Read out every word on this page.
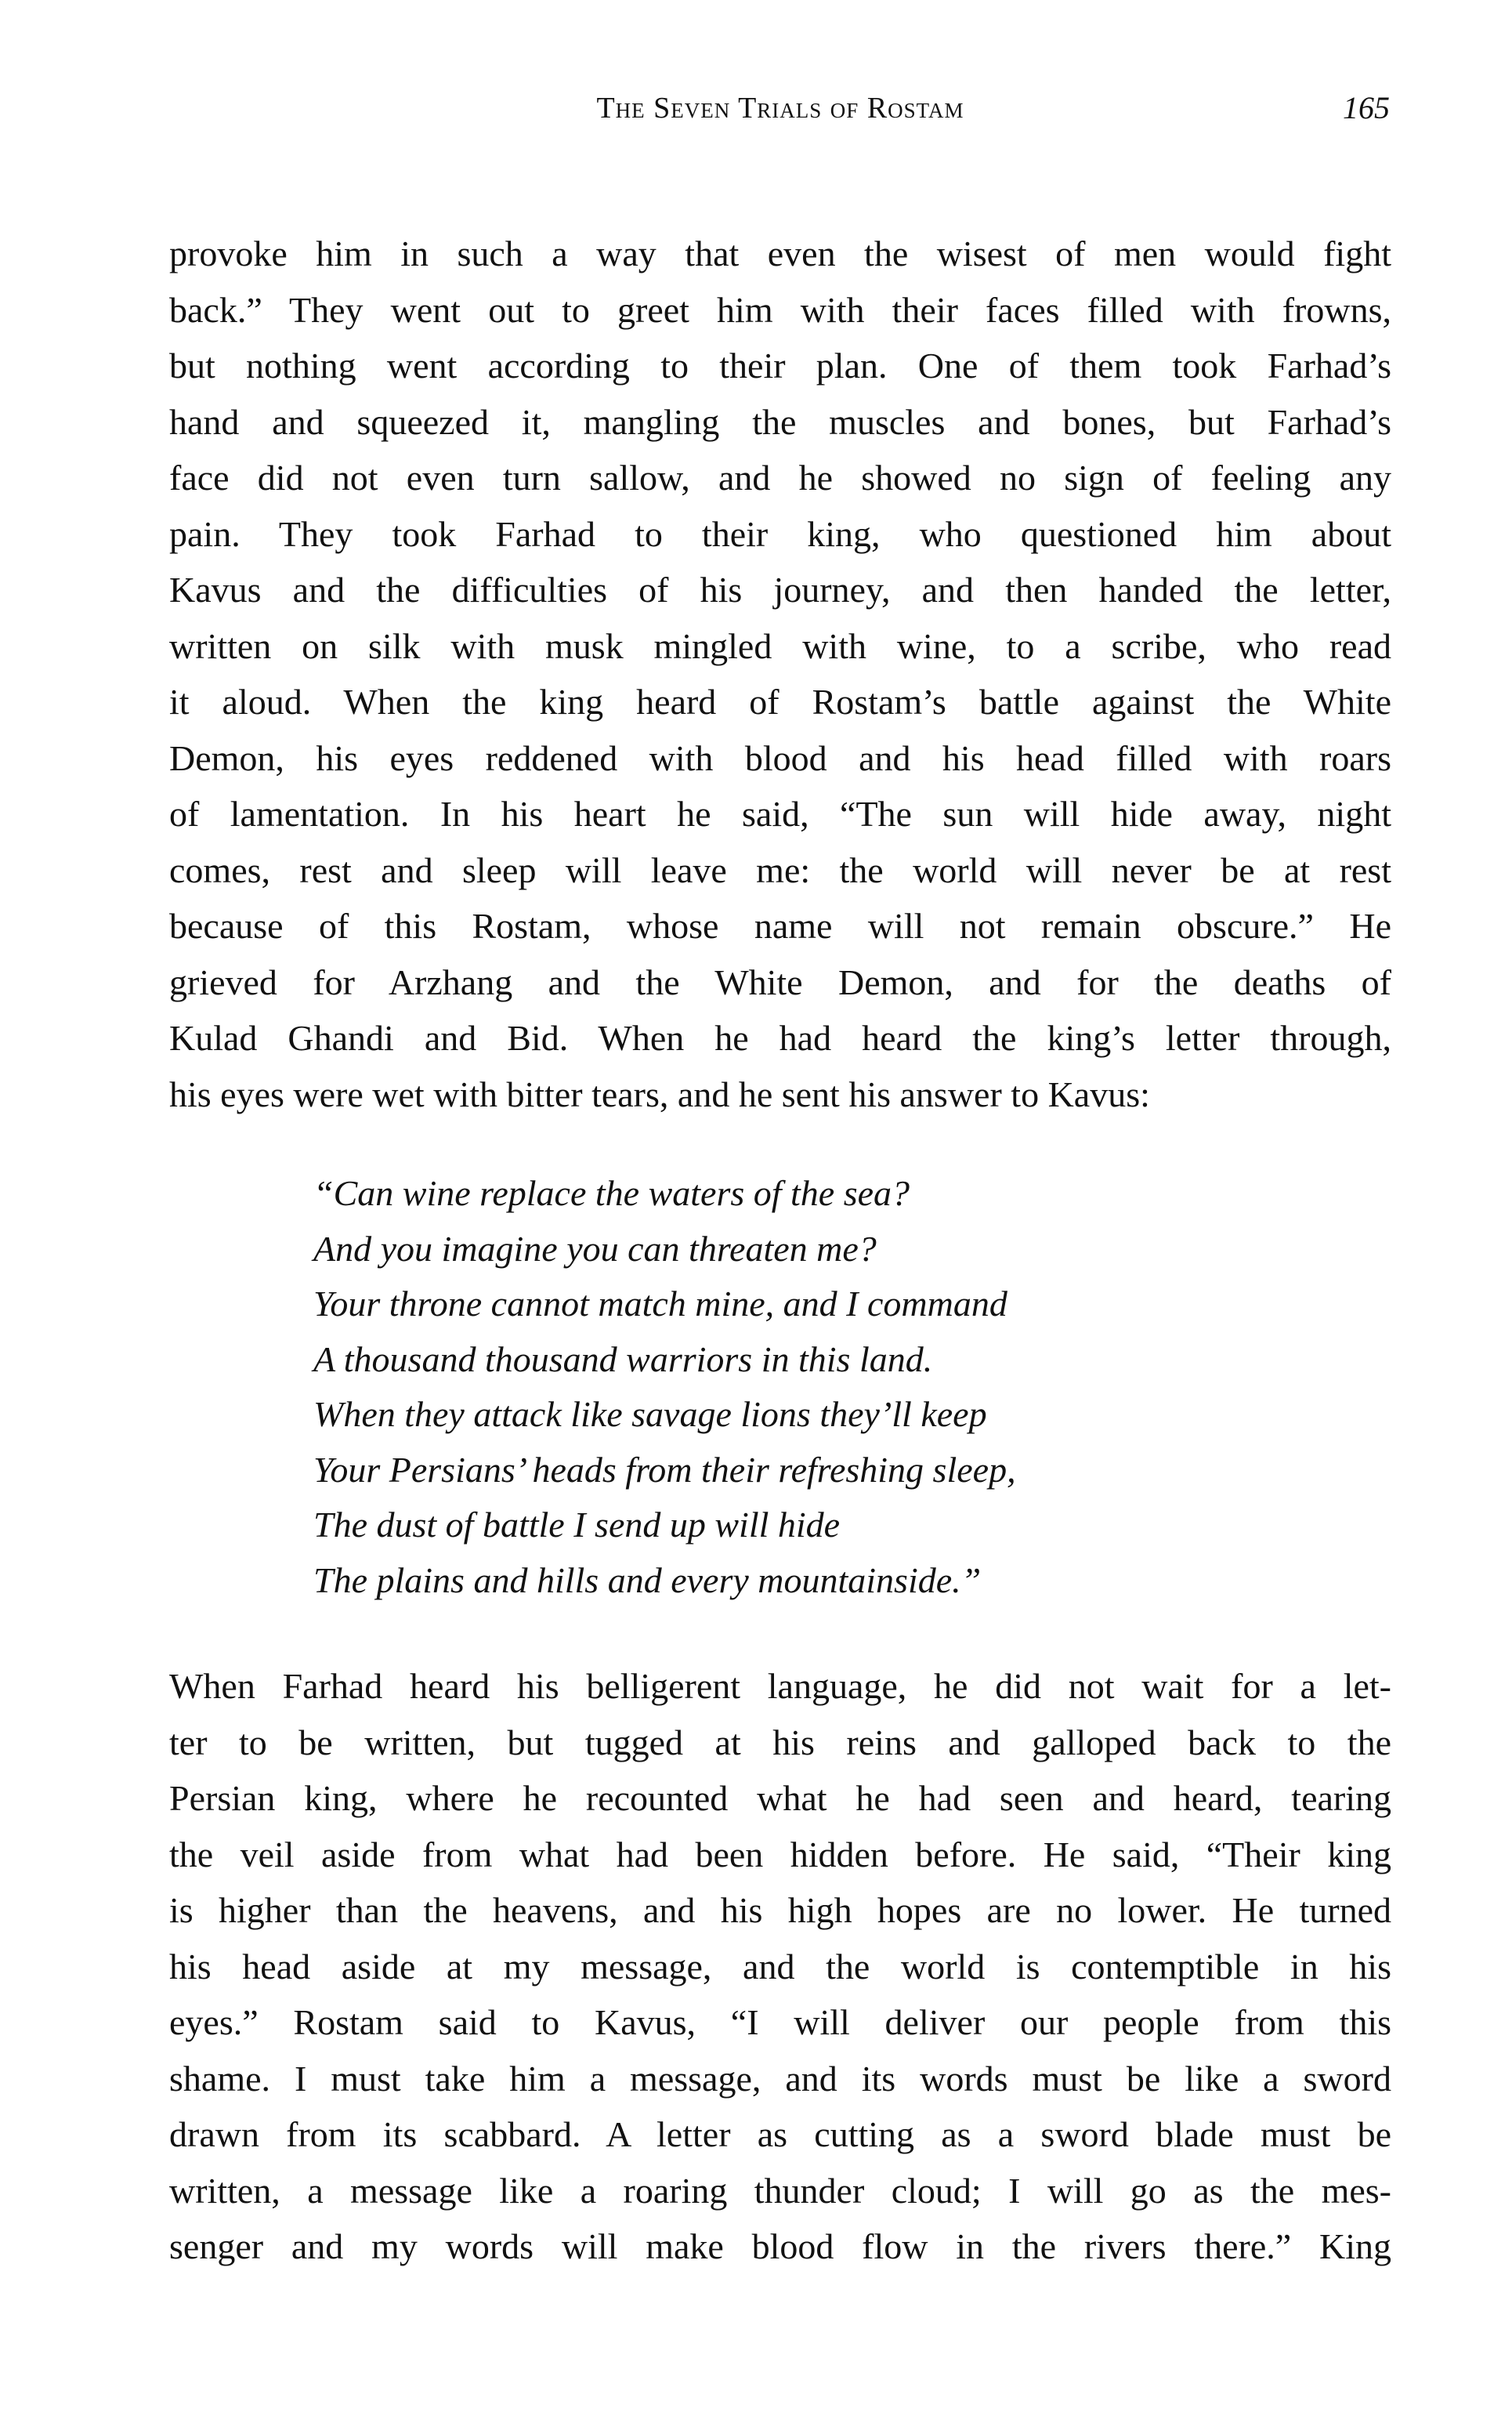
The Seven Trials of Rostam	165
provoke him in such a way that even the wisest of men would fight
back.” They went out to greet him with their faces filled with frowns,
but nothing went according to their plan. One of them took Farhad’s
hand and squeezed it, mangling the muscles and bones, but Farhad’s
face did not even turn sallow, and he showed no sign of feeling any
pain. They took Farhad to their king, who questioned him about
Kavus and the difficulties of his journey, and then handed the letter,
written on silk with musk mingled with wine, to a scribe, who read
it aloud. When the king heard of Rostam’s battle against the White
Demon, his eyes reddened with blood and his head filled with roars
of lamentation. In his heart he said, “The sun will hide away, night
comes, rest and sleep will leave me: the world will never be at rest
because of this Rostam, whose name will not remain obscure.” He
grieved for Arzhang and the White Demon, and for the deaths of
Kulad Ghandi and Bid. When he had heard the king’s letter through,
his eyes were wet with bitter tears, and he sent his answer to Kavus:
“Can wine replace the waters of the sea?
And you imagine you can threaten me?
Your throne cannot match mine, and I command
A thousand thousand warriors in this land.
When they attack like savage lions they’ll keep
Your Persians’ heads from their refreshing sleep,
The dust of battle I send up will hide
The plains and hills and every mountainside.”
When Farhad heard his belligerent language, he did not wait for a let-
ter to be written, but tugged at his reins and galloped back to the
Persian king, where he recounted what he had seen and heard, tearing
the veil aside from what had been hidden before. He said, “Their king
is higher than the heavens, and his high hopes are no lower. He turned
his head aside at my message, and the world is contemptible in his
eyes.” Rostam said to Kavus, “I will deliver our people from this
shame. I must take him a message, and its words must be like a sword
drawn from its scabbard. A letter as cutting as a sword blade must be
written, a message like a roaring thunder cloud; I will go as the mes-
senger and my words will make blood flow in the rivers there.” King
